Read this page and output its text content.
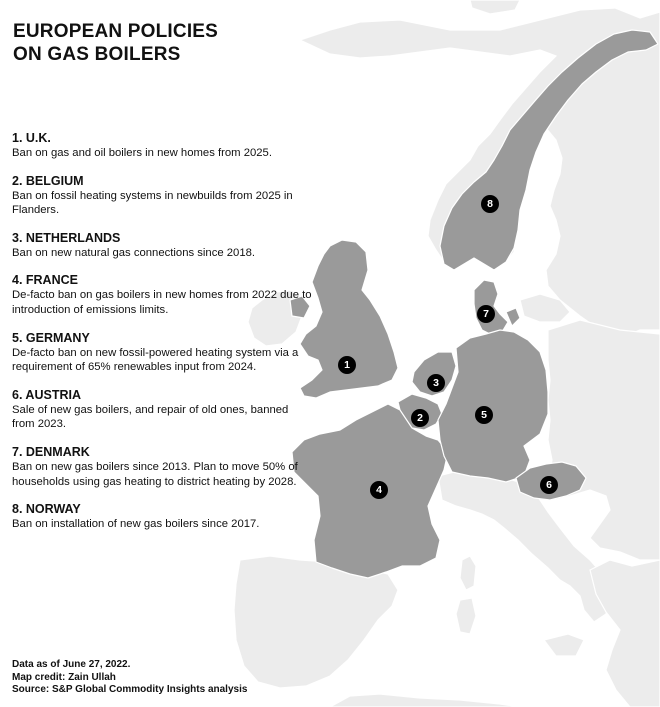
1
2
3
4
5
6
7
8
EUROPEAN POLICIES
ON GAS BOILERS
1. U.K.
Ban on gas and oil boilers in new homes from 2025.
2. BELGIUM
Ban on fossil heating systems in newbuilds from 2025 in Flanders.
3. NETHERLANDS
Ban on new natural gas connections since 2018.
4. FRANCE
De-facto ban on gas boilers in new homes from 2022 due to introduction of emissions limits.
5. GERMANY
De-facto ban on new fossil-powered heating system via a requirement of 65% renewables input from 2024.
6. AUSTRIA
Sale of new gas boilers, and repair of old ones, banned from 2023.
7. DENMARK
Ban on new gas boilers since 2013. Plan to move 50% of households using gas heating to district heating by 2028.
8. NORWAY
Ban on installation of new gas boilers since 2017.
Data as of June 27, 2022.
Map credit: Zain Ullah
Source: S&P Global Commodity Insights analysis
